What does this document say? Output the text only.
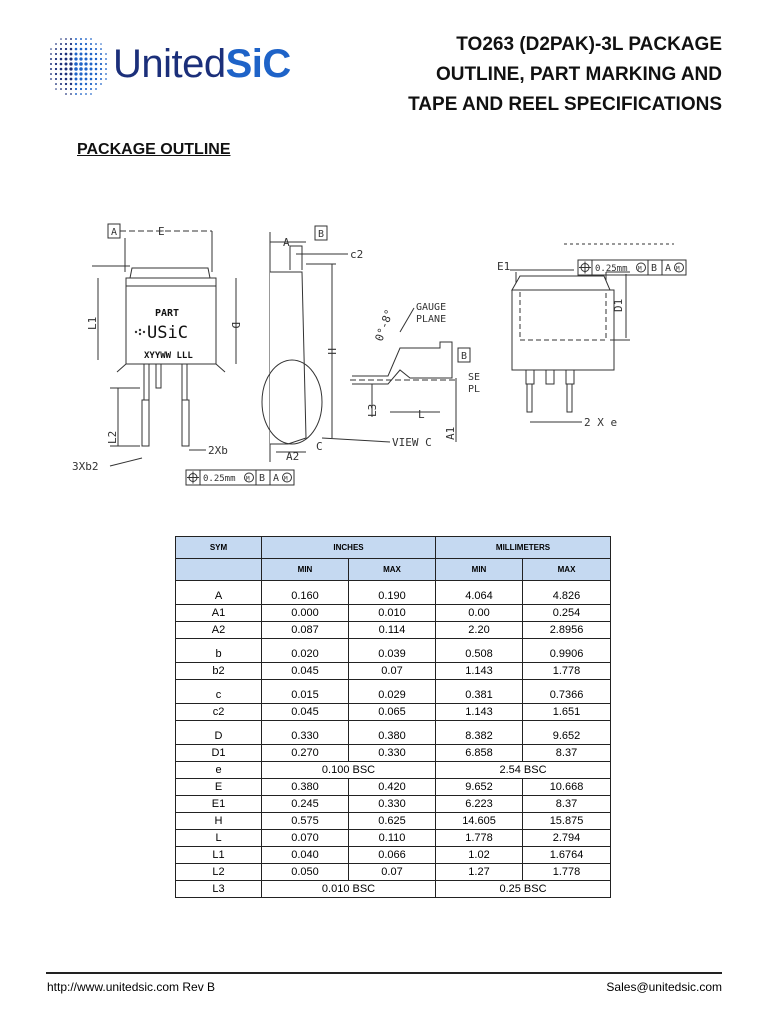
UnitedSiC	TO263 (D2PAK)-3L PACKAGE
OUTLINE, PART MARKING AND
TAPE AND REEL SPECIFICATIONS
PACKAGE OUTLINE
A	E
PART
USiC
XYYWW LLL
L1	D
L2
2Xb
3Xb2
0.25mm M B A M
A
B
c2
H
A2
C	VIEW C
GAUGE
PLANE
0°-8°
B
L3	L
A1
SE
PL
E1
D1
2 X e
0.25mm M B A M
SYM	INCHES		MILLIMETERS	
	MIN	MAX	MIN	MAX
A	0.160	0.190	4.064	4.826
A1	0.000	0.010	0.00	0.254
A2	0.087	0.114	2.20	2.8956
b	0.020	0.039	0.508	0.9906
b2	0.045	0.07	1.143	1.778
c	0.015	0.029	0.381	0.7366
c2	0.045	0.065	1.143	1.651
D	0.330	0.380	8.382	9.652
D1	0.270	0.330	6.858	8.37
e	0.100 BSC		2.54 BSC	
E	0.380	0.420	9.652	10.668
E1	0.245	0.330	6.223	8.37
H	0.575	0.625	14.605	15.875
L	0.070	0.110	1.778	2.794
L1	0.040	0.066	1.02	1.6764
L2	0.050	0.07	1.27	1.778
L3	0.010 BSC		0.25 BSC	
http://www.unitedsic.com Rev B	Sales@unitedsic.com
